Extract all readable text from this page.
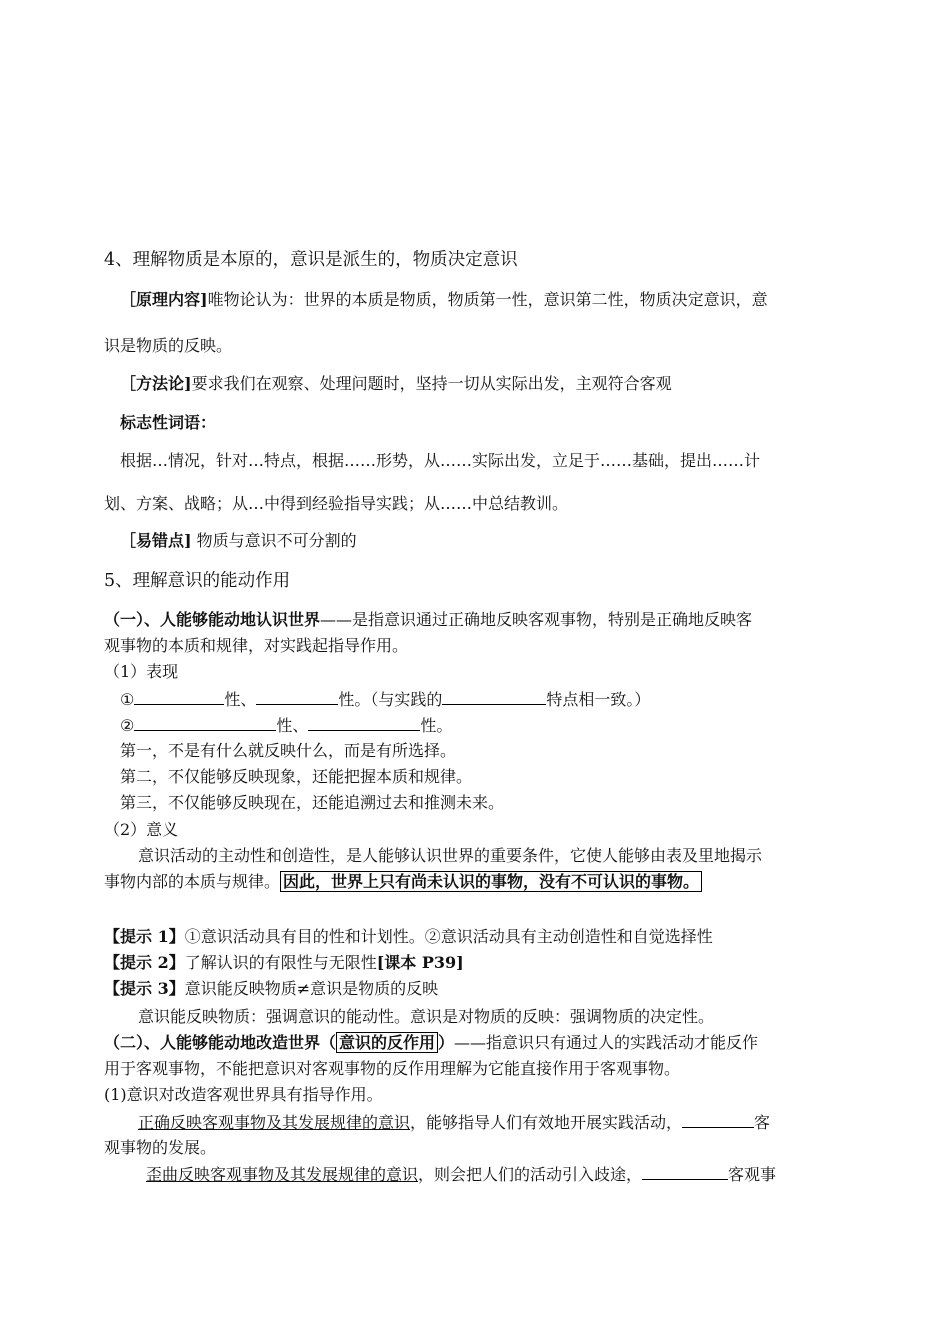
4、理解物质是本原的，意识是派生的，物质决定意识
［原理内容]唯物论认为：世界的本质是物质，物质第一性，意识第二性，物质决定意识，意
识是物质的反映。
［方法论]要求我们在观察、处理问题时，坚持一切从实际出发，主观符合客观
标志性词语：
根据…情况，针对…特点，根据……形势，从……实际出发，立足于……基础，提出……计
划、方案、战略；从…中得到经验指导实践；从……中总结教训。
［易错点] 物质与意识不可分割的
5、理解意识的能动作用
（一）、人能够能动地认识世界——是指意识通过正确地反映客观事物，特别是正确地反映客
观事物的本质和规律，对实践起指导作用。
（1）表现
①	性、	性。（与实践的	特点相一致。）
②	性、	性。
第一，不是有什么就反映什么，而是有所选择。
第二，不仅能够反映现象，还能把握本质和规律。
第三，不仅能够反映现在，还能追溯过去和推测未来。
（2）意义
意识活动的主动性和创造性，是人能够认识世界的重要条件，它使人能够由表及里地揭示
事物内部的本质与规律。 因此，世界上只有尚未认识的事物，没有不可认识的事物。
【提示 1】①意识活动具有目的性和计划性。②意识活动具有主动创造性和自觉选择性
【提示 2】了解认识的有限性与无限性[课本 P39]
【提示 3】意识能反映物质≠意识是物质的反映
意识能反映物质：强调意识的能动性。意识是对物质的反映：强调物质的决定性。
（二）、人能够能动地改造世界（ 意识的反作用 ）——指意识只有通过人的实践活动才能反作
用于客观事物，不能把意识对客观事物的反作用理解为它能直接作用于客观事物。
(1)意识对改造客观世界具有指导作用。
正确反映客观事物及其发展规律的意识，能够指导人们有效地开展实践活动，	客
观事物的发展。
歪曲反映客观事物及其发展规律的意识，则会把人们的活动引入歧途，	客观事
